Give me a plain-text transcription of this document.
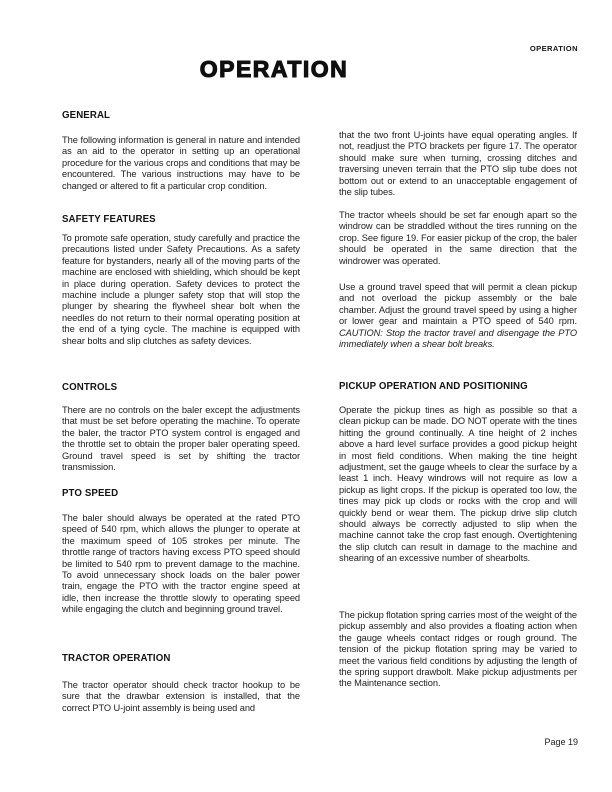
OPERATION
OPERATION
GENERAL

The following information is general in nature and intended as an aid to the operator in setting up an operational procedure for the various crops and conditions that may be encountered. The various instructions may have to be changed or altered to fit a particular crop condition.

SAFETY FEATURES

To promote safe operation, study carefully and practice the precautions listed under Safety Precautions. As a safety feature for bystanders, nearly all of the moving parts of the machine are enclosed with shielding, which should be kept in place during operation. Safety devices to protect the machine include a plunger safety stop that will stop the plunger by shearing the flywheel shear bolt when the needles do not return to their normal operating position at the end of a tying cycle. The machine is equipped with shear bolts and slip clutches as safety devices.

CONTROLS

There are no controls on the baler except the adjustments that must be set before operating the machine. To operate the baler, the tractor PTO system control is engaged and the throttle set to obtain the proper baler operating speed. Ground travel speed is set by shifting the tractor transmission.

PTO SPEED

The baler should always be operated at the rated PTO speed of 540 rpm, which allows the plunger to operate at the maximum speed of 105 strokes per minute. The throttle range of tractors having excess PTO speed should be limited to 540 rpm to prevent damage to the machine. To avoid unnecessary shock loads on the baler power train, engage the PTO with the tractor engine speed at idle, then increase the throttle slowly to operating speed while engaging the clutch and beginning ground travel.

TRACTOR OPERATION

The tractor operator should check tractor hookup to be sure that the drawbar extension is installed, that the correct PTO U-joint assembly is being used and

that the two front U-joints have equal operating angles. If not, readjust the PTO brackets per figure 17. The operator should make sure when turning, crossing ditches and traversing uneven terrain that the PTO slip tube does not bottom out or extend to an unacceptable engagement of the slip tubes.

The tractor wheels should be set far enough apart so the windrow can be straddled without the tires running on the crop. See figure 19. For easier pickup of the crop, the baler should be operated in the same direction that the windrower was operated.

Use a ground travel speed that will permit a clean pickup and not overload the pickup assembly or the bale chamber. Adjust the ground travel speed by using a higher or lower gear and maintain a PTO speed of 540 rpm. CAUTION: Stop the tractor travel and disengage the PTO immediately when a shear bolt breaks.

PICKUP OPERATION AND POSITIONING

Operate the pickup tines as high as possible so that a clean pickup can be made. DO NOT operate with the tines hitting the ground continually. A tine height of 2 inches above a hard level surface provides a good pickup height in most field conditions. When making the tine height adjustment, set the gauge wheels to clear the surface by a least 1 inch. Heavy windrows will not require as low a pickup as light crops. If the pickup is operated too low, the tines may pick up clods or rocks with the crop and will quickly bend or wear them. The pickup drive slip clutch should always be correctly adjusted to slip when the machine cannot take the crop fast enough. Overtightening the slip clutch can result in damage to the machine and shearing of an excessive number of shearbolts.

The pickup flotation spring carries most of the weight of the pickup assembly and also provides a floating action when the gauge wheels contact ridges or rough ground. The tension of the pickup flotation spring may be varied to meet the various field conditions by adjusting the length of the spring support drawbolt. Make pickup adjustments per the Maintenance section.

Page 19
